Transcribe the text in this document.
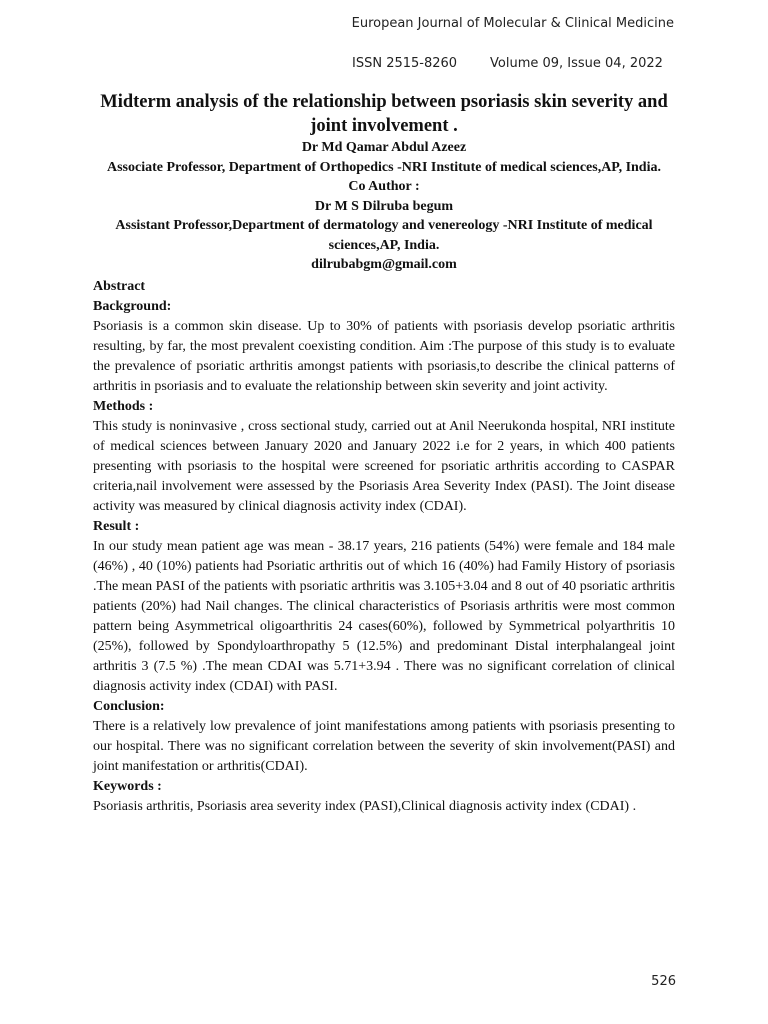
European Journal of Molecular & Clinical Medicine
ISSN 2515-8260	Volume 09, Issue 04, 2022
Midterm analysis of the relationship between psoriasis skin severity and joint involvement .

Dr Md Qamar Abdul Azeez

Associate Professor, Department of Orthopedics -NRI Institute of medical sciences,AP, India.

Co Author :

Dr M S Dilruba begum

Assistant Professor,Department of dermatology and venereology -NRI Institute of medical sciences,AP, India.

dilrubabgm@gmail.com

Abstract

Background:

Psoriasis is a common skin disease. Up to 30% of patients with psoriasis develop psoriatic arthritis resulting, by far, the most prevalent coexisting condition. Aim :The purpose of this study is to evaluate the prevalence of psoriatic arthritis amongst patients with psoriasis,to describe the clinical patterns of arthritis in psoriasis and to evaluate the relationship between skin severity and joint activity.

Methods :

This study is noninvasive , cross sectional study, carried out at Anil Neerukonda hospital, NRI institute of medical sciences between January 2020 and January 2022 i.e for 2 years, in which 400 patients presenting with psoriasis to the hospital were screened for psoriatic arthritis according to CASPAR criteria,nail involvement were assessed by the Psoriasis Area Severity Index (PASI). The Joint disease activity was measured by clinical diagnosis activity index (CDAI).

Result :

In our study mean patient age was mean - 38.17 years, 216 patients (54%) were female and 184 male (46%) , 40 (10%) patients had Psoriatic arthritis out of which 16 (40%) had Family History of psoriasis .The mean PASI of the patients with psoriatic arthritis was 3.105+3.04 and 8 out of 40 psoriatic arthritis patients (20%) had Nail changes. The clinical characteristics of Psoriasis arthritis were most common pattern being Asymmetrical oligoarthritis 24 cases(60%), followed by Symmetrical polyarthritis 10 (25%), followed by Spondyloarthropathy 5 (12.5%) and predominant Distal interphalangeal joint arthritis 3 (7.5 %) .The mean CDAI was 5.71+3.94 . There was no significant correlation of clinical diagnosis activity index (CDAI) with PASI.

Conclusion:

There is a relatively low prevalence of joint manifestations among patients with psoriasis presenting to our hospital. There was no significant correlation between the severity of skin involvement(PASI) and joint manifestation or arthritis(CDAI).

Keywords :

Psoriasis arthritis, Psoriasis area severity index (PASI),Clinical diagnosis activity index (CDAI) .

526
